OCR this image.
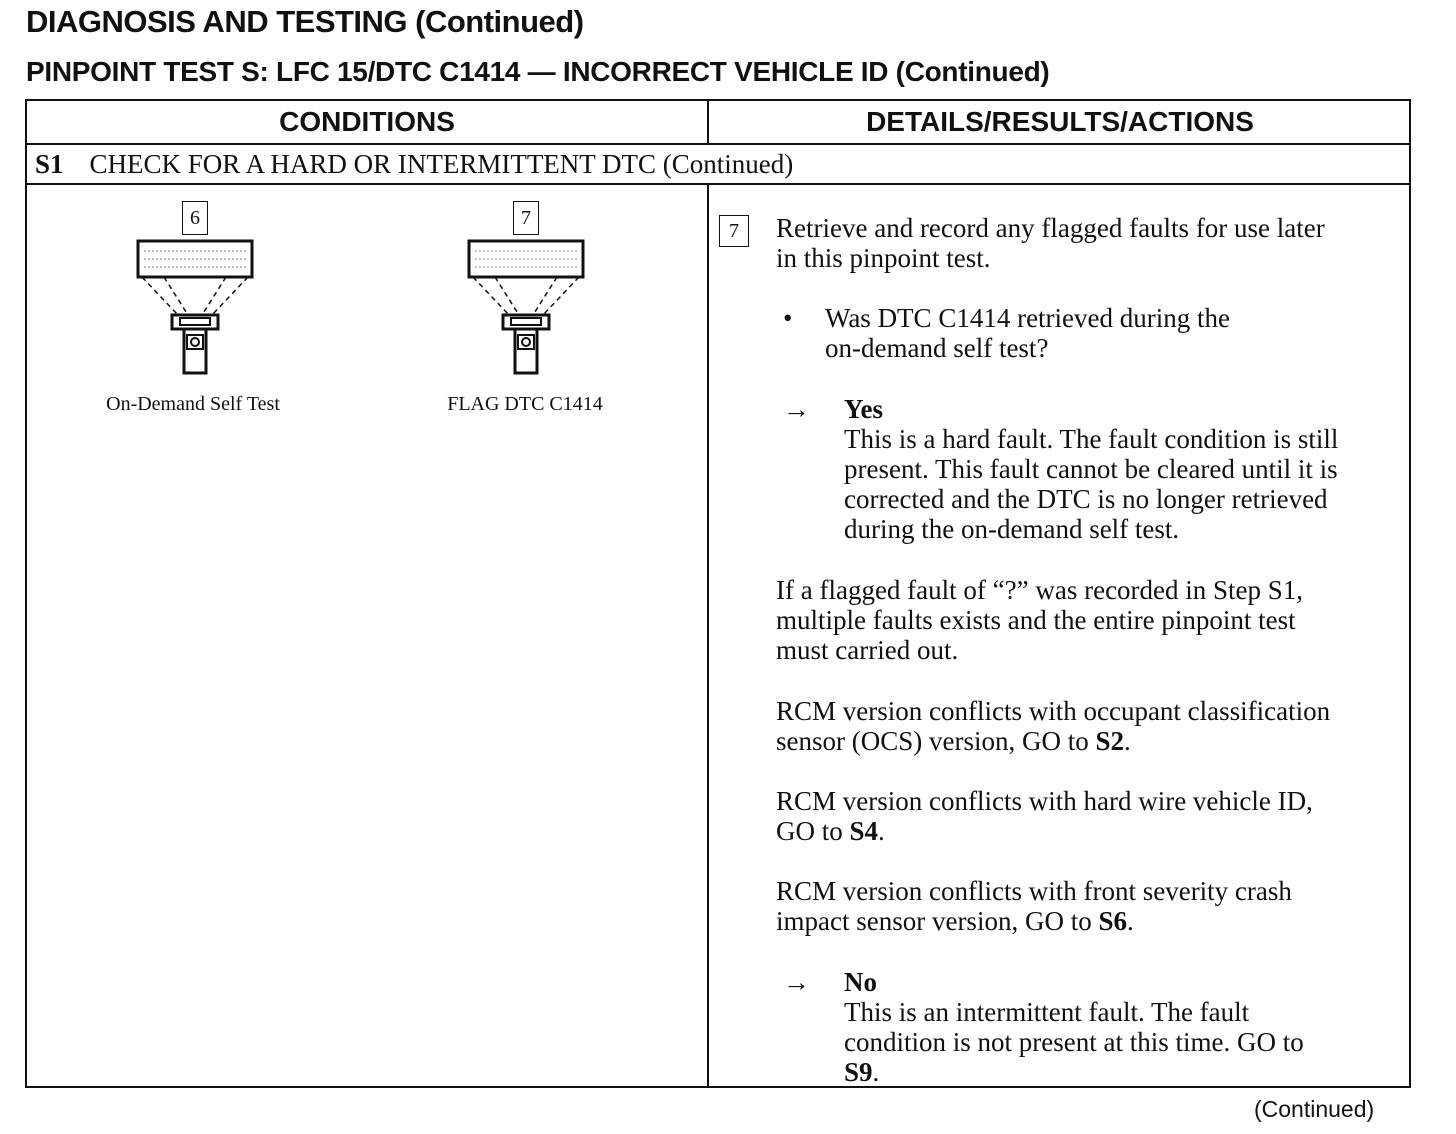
DIAGNOSIS AND TESTING (Continued)
PINPOINT TEST S: LFC 15/DTC C1414 — INCORRECT VEHICLE ID (Continued)
CONDITIONS	DETAILS/RESULTS/ACTIONS
S1 CHECK FOR A HARD OR INTERMITTENT DTC (Continued)
6
On-Demand Self Test
7
FLAG DTC C1414
7	Retrieve and record any flagged faults for use later
in this pinpoint test.
• Was DTC C1414 retrieved during the
on-demand self test?
→ Yes
This is a hard fault. The fault condition is still
present. This fault cannot be cleared until it is
corrected and the DTC is no longer retrieved
during the on-demand self test.
If a flagged fault of “?” was recorded in Step S1,
multiple faults exists and the entire pinpoint test
must carried out.
RCM version conflicts with occupant classification
sensor (OCS) version, GO to S2.
RCM version conflicts with hard wire vehicle ID,
GO to S4.
RCM version conflicts with front severity crash
impact sensor version, GO to S6.
→ No
This is an intermittent fault. The fault
condition is not present at this time. GO to
S9.
(Continued)
